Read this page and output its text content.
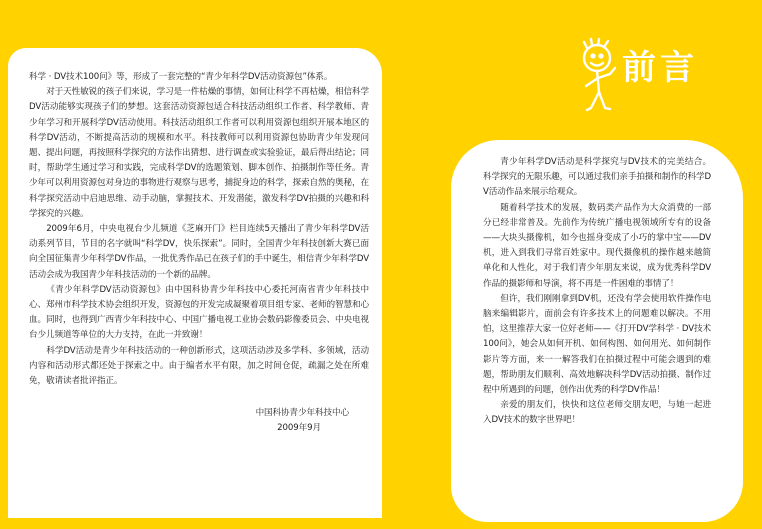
科学 · DV技术100问》等，形成了一套完整的“青少年科学DV活动资源包”体系。

对于天性敏锐的孩子们来说，学习是一件枯燥的事情，如何让科学不再枯燥，相信科学DV活动能够实现孩子们的梦想。这套活动资源包适合科技活动组织工作者、科学教师、青少年学习和开展科学DV活动使用。科技活动组织工作者可以利用资源包组织开展本地区的科学DV活动，不断提高活动的规模和水平。科技教师可以利用资源包协助青少年发现问题、提出问题，再按照科学探究的方法作出猜想、进行调查或实验验证，最后得出结论；同时，帮助学生通过学习和实践，完成科学DV的选题策划、脚本创作、拍摄制作等任务。青少年可以利用资源包对身边的事物进行观察与思考，捕捉身边的科学，探索自然的奥秘，在科学探究活动中启迪思维、动手动脑，掌握技术、开发潜能，激发科学DV拍摄的兴趣和科学探究的兴趣。

2009年6月，中央电视台少儿频道《芝麻开门》栏目连续5天播出了青少年科学DV活动系列节目，节目的名字就叫“科学DV，快乐探索”。同时，全国青少年科技创新大赛已面向全国征集青少年科学DV作品，一批优秀作品已在孩子们的手中诞生，相信青少年科学DV活动会成为我国青少年科技活动的一个新的品牌。

《青少年科学DV活动资源包》由中国科协青少年科技中心委托河南省青少年科技中心、郑州市科学技术协会组织开发，资源包的开发完成凝聚着项目组专家、老师的智慧和心血。同时，也得到广西青少年科技中心、中国广播电视工业协会数码影像委员会、中央电视台少儿频道等单位的大力支持，在此一并致谢！

科学DV活动是青少年科技活动的一种创新形式，这项活动涉及多学科、多领域，活动内容和活动形式都还处于探索之中。由于编者水平有限，加之时间仓促，疏漏之处在所难免，敬请读者批评指正。

中国科协青少年科技中心

2009年9月

前言

青少年科学DV活动是科学探究与DV技术的完美结合。科学探究的无限乐趣，可以通过我们亲手拍摄和制作的科学DV活动作品来展示给观众。

随着科学技术的发展，数码类产品作为大众消费的一部分已经非常普及。先前作为传统广播电视领域所专有的设备——大块头摄像机，如今也摇身变成了小巧的掌中宝——DV机，进入到我们寻常百姓家中。现代摄像机的操作越来越简单化和人性化，对于我们青少年朋友来说，成为优秀科学DV作品的摄影师和导演，将不再是一件困难的事情了！

但许，我们刚刚拿到DV机，还没有学会使用软件操作电脑来编辑影片，面前会有许多技术上的问题难以解决。不用怕，这里推荐大家一位好老师——《打开DV学科学 · DV技术100问》，她会从如何开机、如何构图、如何用光、如何制作影片等方面，来一一解答我们在拍摄过程中可能会遇到的难题，帮助朋友们顺利、高效地解决科学DV活动拍摄、制作过程中所遇到的问题，创作出优秀的科学DV作品！

亲爱的朋友们，快快和这位老师交朋友吧，与她一起进入DV技术的数字世界吧！
